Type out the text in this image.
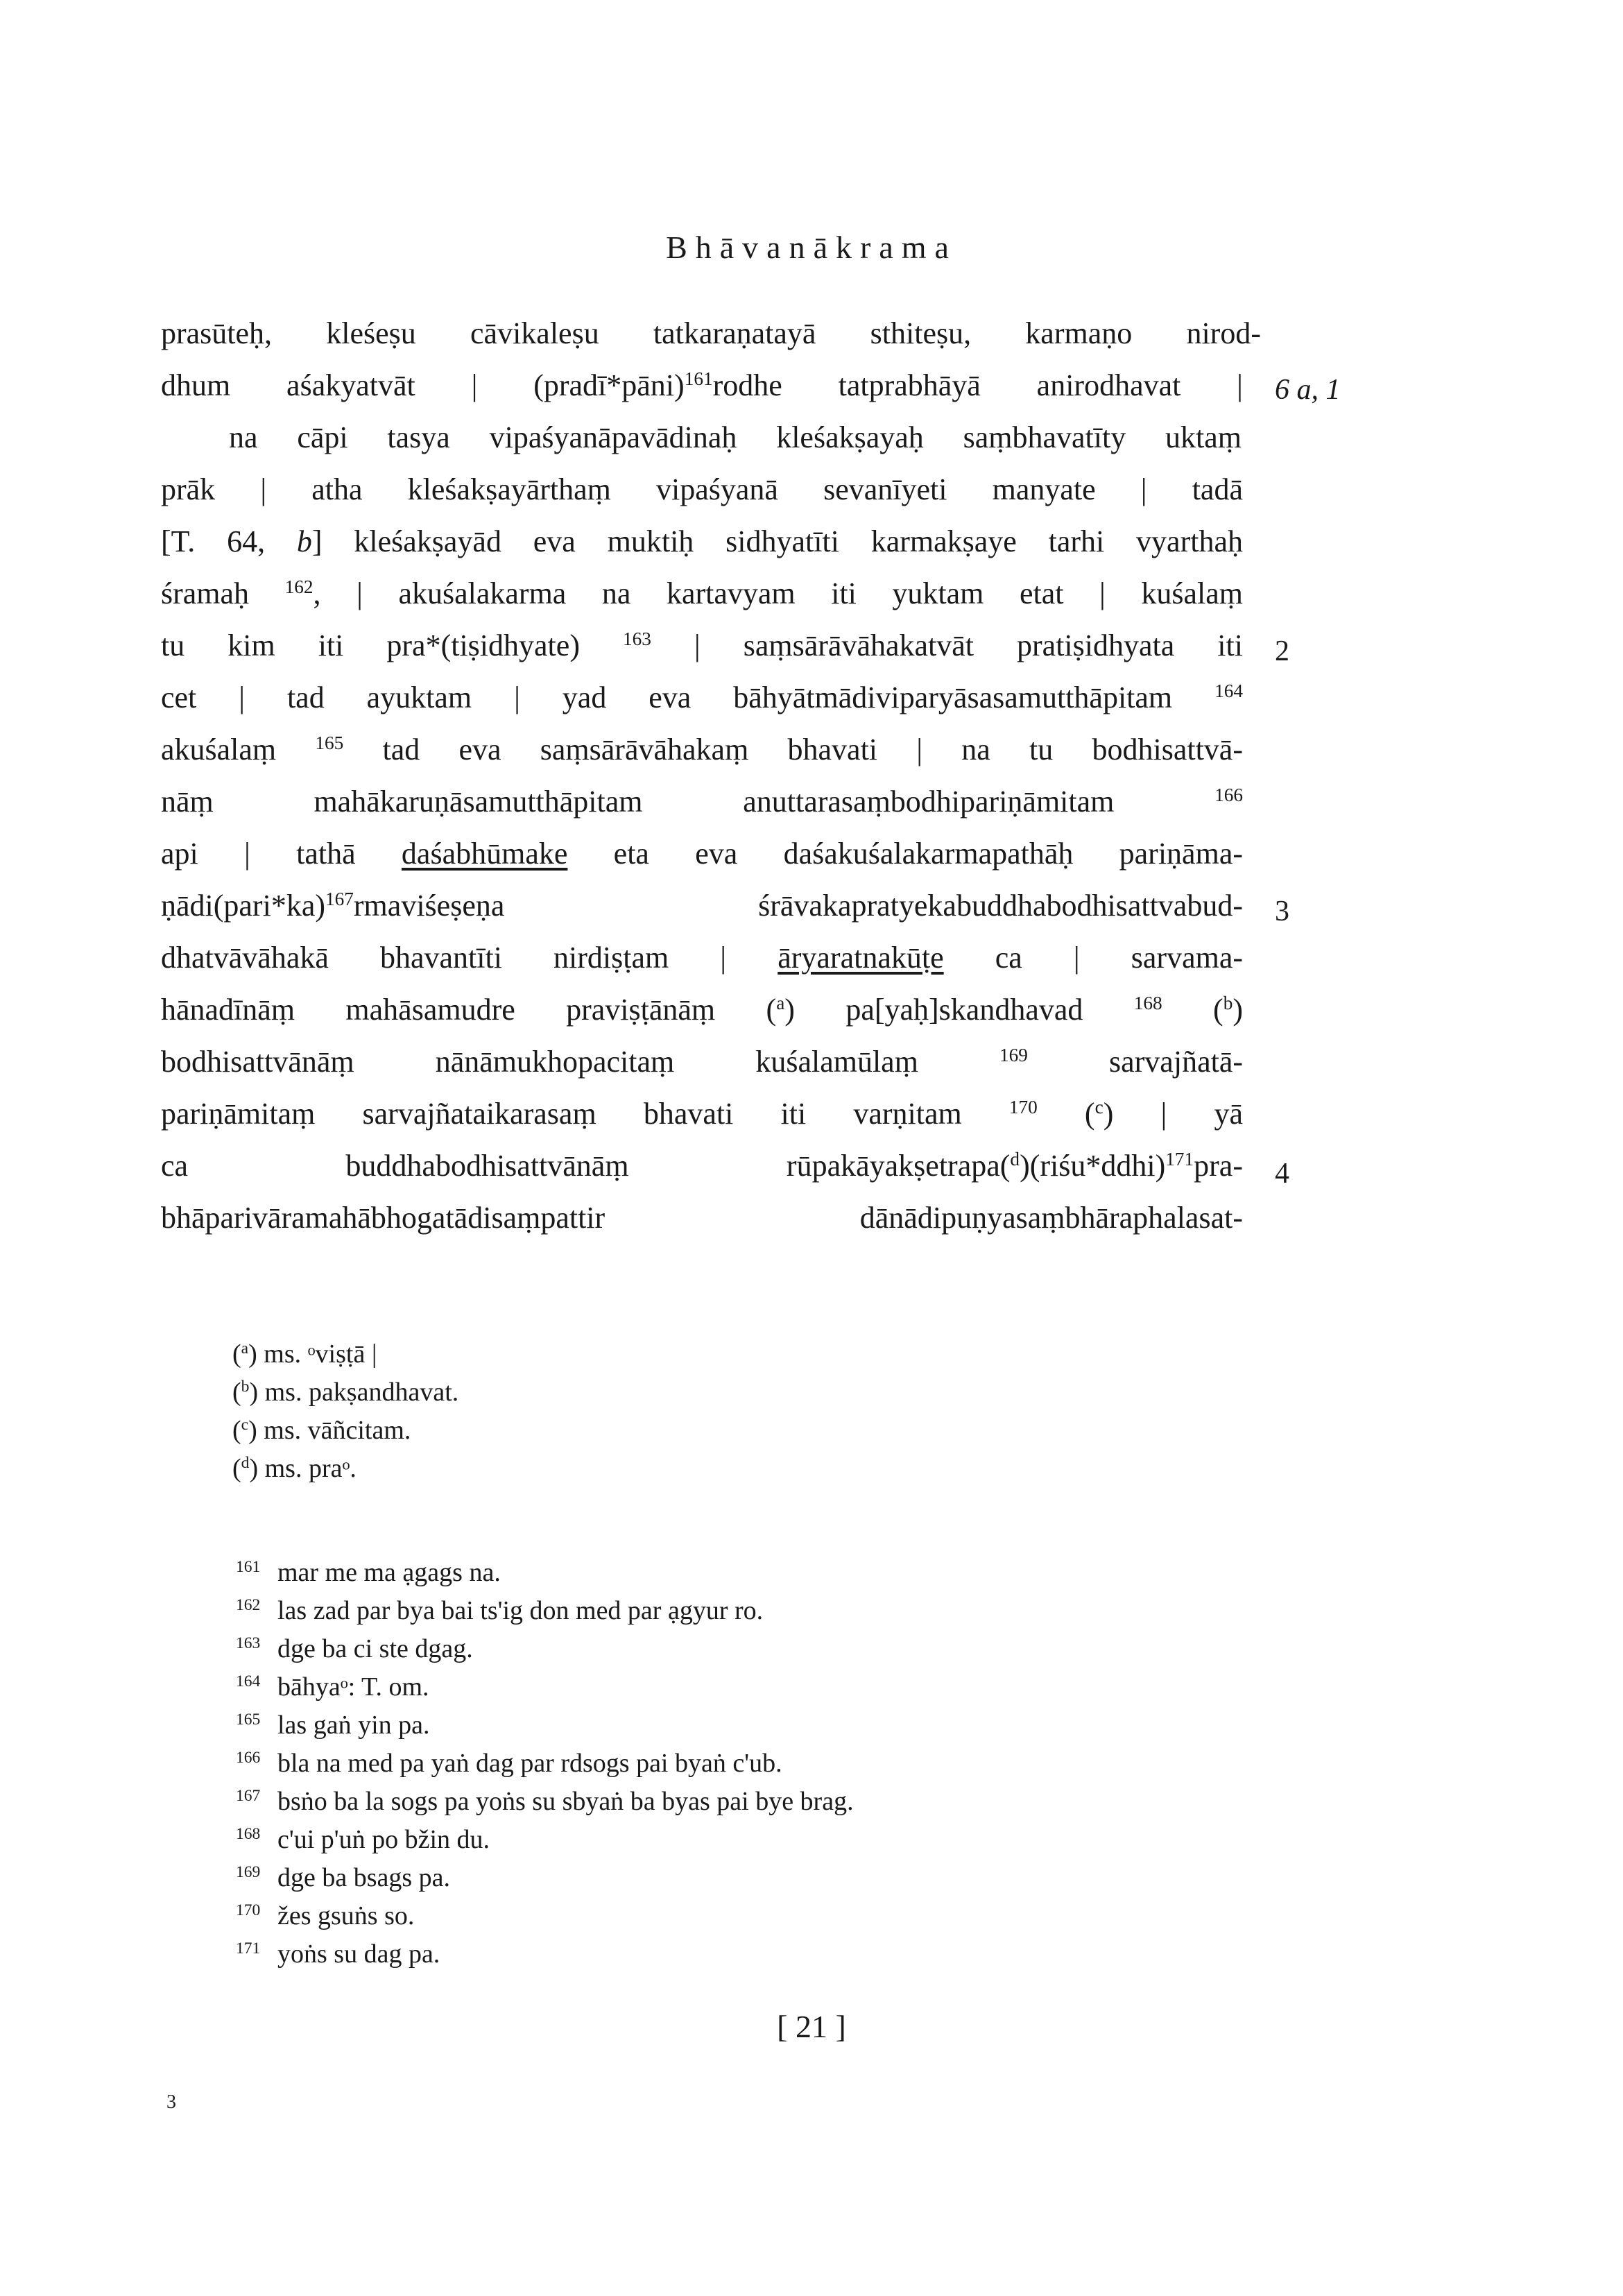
Bhāvanākrama
prasūteḥ, kleśeṣu cāvikaleṣu tatkaraṇatayā sthiteṣu, karmaṇo nirod-
dhum aśakyatvāt | (pradī*pāni)$^{161}$rodhe tatprabhāyā anirodhavat | 6 a, 1
na cāpi tasya vipaśyanāpavādinaḥ kleśakṣayaḥ saṃbhavatīty uktaṃ
prāk | atha kleśakṣayārthaṃ vipaśyanā sevanīyeti manyate | tadā
[T. 64, b] kleśakṣayād eva muktiḥ sidhyatīti karmakṣaye tarhi vyarthaḥ
śramaḥ $^{162}$, | akuśalakarma na kartavyam iti yuktam etat | kuśalaṃ
tu kim iti pra*(tiṣidhyate) $^{163}$ | saṃsārāvāhakatvāt pratiṣidhyata iti 2
cet | tad ayuktam | yad eva bāhyātmādiviparyāsasamutthāpitam $^{164}$
akuśalaṃ $^{165}$ tad eva saṃsārāvāhakaṃ bhavati | na tu bodhisattvā-
nāṃ mahākaruṇāsamutthāpitam anuttarasaṃbodhipariṇāmitam $^{166}$
api | tathā daśabhūmake eta eva daśakuśalakarmapathāḥ pariṇāma-
ṇādi(pari*ka)$^{167}$rmaviśeṣeṇa śrāvakapratyekabuddhabodhisattvabud- 3
dhatvāvāhakā bhavantīti nirdiṣṭam | āryaratnakūṭe ca | sarvama-
hānadīnāṃ mahāsamudre praviṣṭānāṃ ($^a$) pa[yaḥ]skandhavad $^{168}$ ($^b$)
bodhisattvānāṃ nānāmukhopacitaṃ kuśalamūlaṃ $^{169}$ sarvajñatā-
pariṇāmitaṃ sarvajñataikarasaṃ bhavati iti varṇitam $^{170}$ ($^c$) | yā
ca buddhabodhisattvānāṃ rūpakāyakṣetrapa($^d$)(riśu*ddhi)$^{171}$pra- 4
bhāparivāramahābhogatādisaṃpattir dānādipuṇyasaṃbhāraphalasat-
($^a$) ms. ᵒviṣṭā |
($^b$) ms. pakṣandhavat.
($^c$) ms. vāñcitam.
($^d$) ms. praᵒ.
161 mar me ma ạgags na.
162 las zad par bya bai ts'ig don med par ạgyur ro.
163 dge ba ci ste dgag.
164 bāhyaᵒ: T. om.
165 las gaṅ yin pa.
166 bla na med pa yaṅ dag par rdsogs pai byaṅ c'ub.
167 bsṅo ba la sogs pa yoṅs su sbyaṅ ba byas pai bye brag.
168 c'ui p'uṅ po bžin du.
169 dge ba bsags pa.
170 žes gsuṅs so.
171 yoṅs su dag pa.
[ 21 ]
3
